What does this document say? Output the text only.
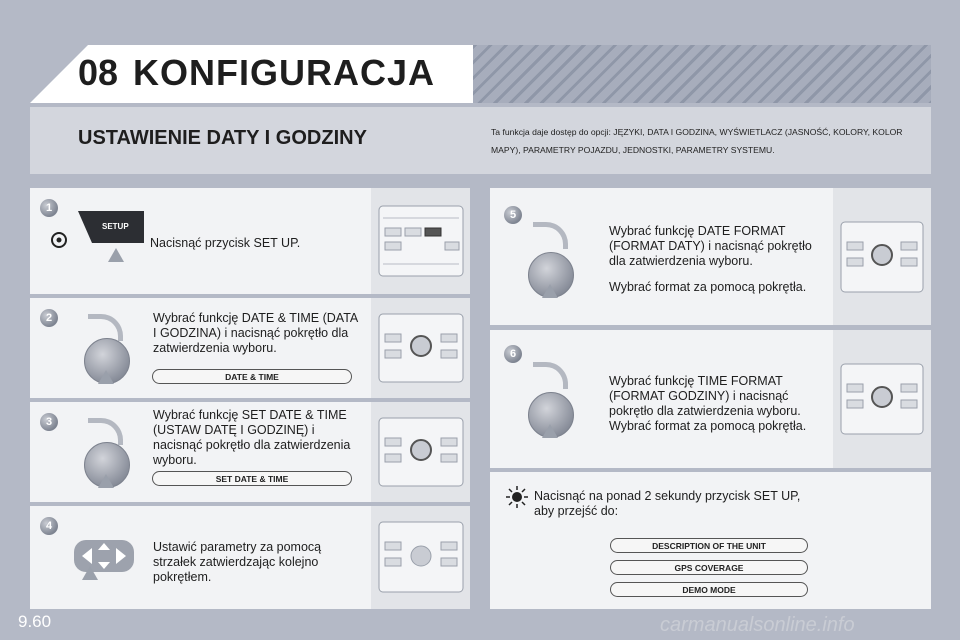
08 KONFIGURACJA
USTAWIENIE DATY I GODZINY	Ta funkcja daje dostęp do opcji: JĘZYKI, DATA I GODZINA, WYŚWIETLACZ (JASNOŚĆ, KOLORY, KOLOR MAPY), PARAMETRY POJAZDU, JEDNOSTKI, PARAMETRY SYSTEMU.
1
SETUP
Nacisnąć przycisk SET UP.
2	Wybrać funkcję DATE & TIME (DATA I GODZINA) i nacisnąć pokrętło dla zatwierdzenia wyboru.
DATE & TIME
3	Wybrać funkcję SET DATE & TIME (USTAW DATĘ I GODZINĘ) i nacisnąć pokrętło dla zatwierdzenia wyboru.
SET DATE & TIME
4
Ustawić parametry za pomocą strzałek zatwierdzając kolejno pokrętłem.
5
Wybrać funkcję DATE FORMAT (FORMAT DATY) i nacisnąć pokrętło dla zatwierdzenia wyboru.
Wybrać format za pomocą pokrętła.
6
Wybrać funkcję TIME FORMAT (FORMAT GODZINY) i nacisnąć pokrętło dla zatwierdzenia wyboru. Wybrać format za pomocą pokrętła.
Nacisnąć na ponad 2 sekundy przycisk SET UP, aby przejść do:
DESCRIPTION OF THE UNIT
GPS COVERAGE
DEMO MODE
9.60	carmanualsonline.info
